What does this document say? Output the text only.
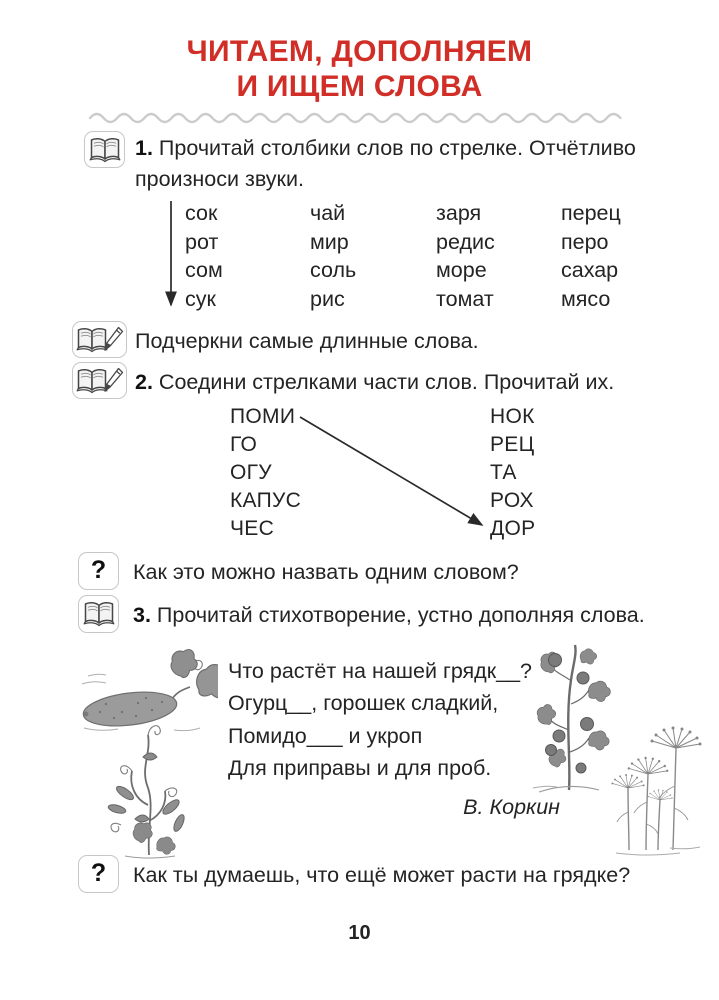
ЧИТАЕМ, ДОПОЛНЯЕМ
И ИЩЕМ СЛОВА
1. Прочитай столбики слов по стрелке. Отчётливо произноси звуки.
сок
рот
сом
сук
чай
мир
соль
рис
заря
редис
море
томат
перец
перо
сахар
мясо
Подчеркни самые длинные слова.
2. Соедини стрелками части слов. Прочитай их.
ПОМИ
ГО
ОГУ
КАПУС
ЧЕС
НОК
РЕЦ
ТА
РОХ
ДОР
? Как это можно назвать одним словом?
3. Прочитай стихотворение, устно дополняя слова.
Что растёт на нашей грядк__?
Огурц__, горошек сладкий,
Помидо___ и укроп
Для приправы и для проб.
В. Коркин
? Как ты думаешь, что ещё может расти на грядке?
10
